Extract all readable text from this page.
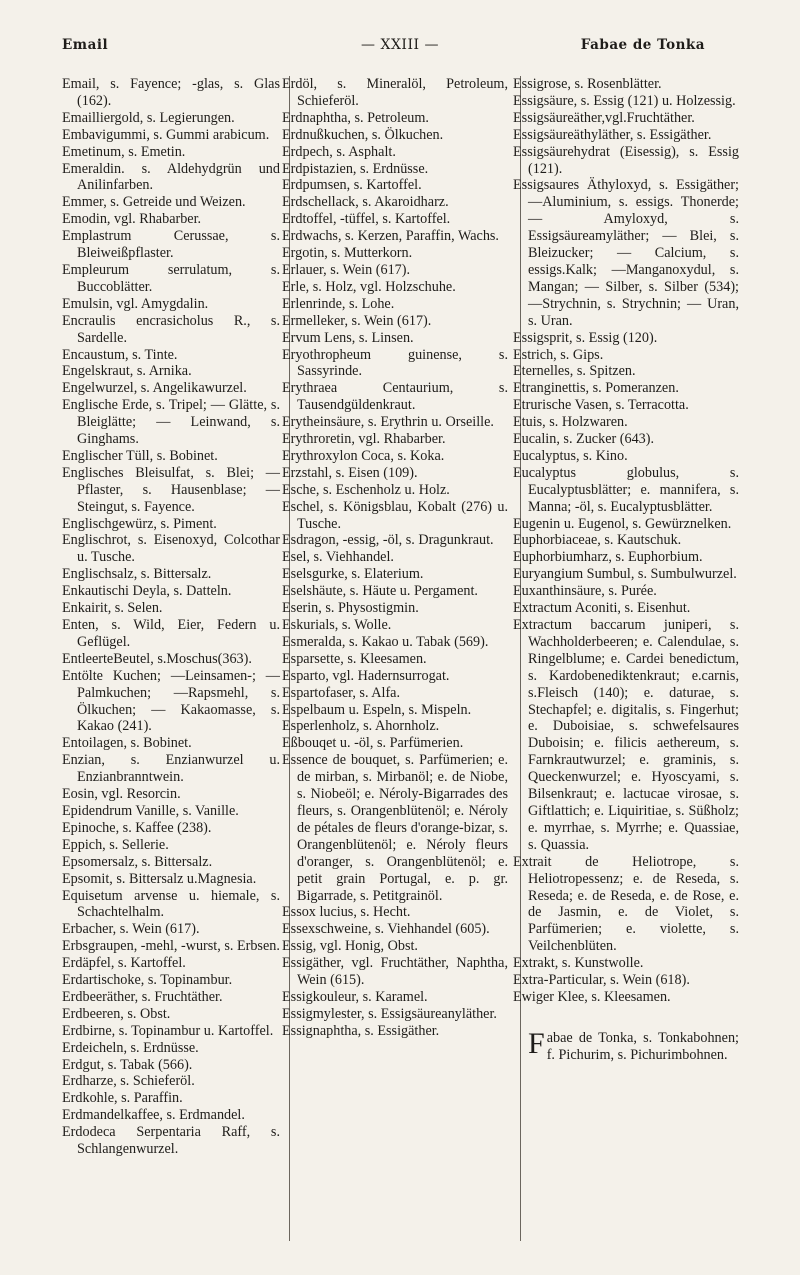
Email	— XXIII —	Fabae de Tonka

Email, s. Fayence; -glas, s. Glas (162).

Emailliergold, s. Legierungen.

Embavigummi, s. Gummi arabicum.

Emetinum, s. Emetin.

Emeraldin. s. Aldehydgrün und Anilinfarben.

Emmer, s. Getreide und Weizen.

Emodin, vgl. Rhabarber.

Emplastrum Cerussae, s. Bleiweißpflaster.

Empleurum serrulatum, s. Buccoblätter.

Emulsin, vgl. Amygdalin.

Encraulis encrasicholus R., s. Sardelle.

Encaustum, s. Tinte.

Engelskraut, s. Arnika.

Engelwurzel, s. Angelikawurzel.

Englische Erde, s. Tripel; — Glätte, s. Bleiglätte; — Leinwand, s. Ginghams.

Englischer Tüll, s. Bobinet.

Englisches Bleisulfat, s. Blei; — Pflaster, s. Hausenblase; — Steingut, s. Fayence.

Englischgewürz, s. Piment.

Englischrot, s. Eisenoxyd, Colcothar u. Tusche.

Englischsalz, s. Bittersalz.

Enkautischi Deyla, s. Datteln.

Enkairit, s. Selen.

Enten, s. Wild, Eier, Federn u. Geflügel.

EntleerteBeutel, s.Moschus(363).

Entölte Kuchen; —Leinsamen-; —Palmkuchen; —Rapsmehl, s. Ölkuchen; — Kakaomasse, s. Kakao (241).

Entoilagen, s. Bobinet.

Enzian, s. Enzianwurzel u. Enzianbranntwein.

Eosin, vgl. Resorcin.

Epidendrum Vanille, s. Vanille.

Epinoche, s. Kaffee (238).

Eppich, s. Sellerie.

Epsomersalz, s. Bittersalz.

Epsomit, s. Bittersalz u.Magnesia.

Equisetum arvense u. hiemale, s. Schachtelhalm.

Erbacher, s. Wein (617).

Erbsgraupen, -mehl, -wurst, s. Erbsen.

Erdäpfel, s. Kartoffel.

Erdartischoke, s. Topinambur.

Erdbeeräther, s. Fruchtäther.

Erdbeeren, s. Obst.

Erdbirne, s. Topinambur u. Kartoffel.

Erdeicheln, s. Erdnüsse.

Erdgut, s. Tabak (566).

Erdharze, s. Schieferöl.

Erdkohle, s. Paraffin.

Erdmandelkaffee, s. Erdmandel.

Erdodeca Serpentaria Raff, s. Schlangenwurzel.

Erdöl, s. Mineralöl, Petroleum, Schieferöl.

Erdnaphtha, s. Petroleum.

Erdnußkuchen, s. Ölkuchen.

Erdpech, s. Asphalt.

Erdpistazien, s. Erdnüsse.

Erdpumsen, s. Kartoffel.

Erdschellack, s. Akaroidharz.

Erdtoffel, -tüffel, s. Kartoffel.

Erdwachs, s. Kerzen, Paraffin, Wachs.

Ergotin, s. Mutterkorn.

Erlauer, s. Wein (617).

Erle, s. Holz, vgl. Holzschuhe.

Erlenrinde, s. Lohe.

Ermelleker, s. Wein (617).

Ervum Lens, s. Linsen.

Eryothropheum guinense, s. Sassyrinde.

Erythraea Centaurium, s. Tausendgüldenkraut.

Erytheinsäure, s. Erythrin u. Orseille.

Erythroretin, vgl. Rhabarber.

Erythroxylon Coca, s. Koka.

Erzstahl, s. Eisen (109).

Esche, s. Eschenholz u. Holz.

Eschel, s. Königsblau, Kobalt (276) u. Tusche.

Esdragon, -essig, -öl, s. Dragunkraut.

Esel, s. Viehhandel.

Eselsgurke, s. Elaterium.

Eselshäute, s. Häute u. Pergament.

Eserin, s. Physostigmin.

Eskurials, s. Wolle.

Esmeralda, s. Kakao u. Tabak (569).

Esparsette, s. Kleesamen.

Esparto, vgl. Hadernsurrogat.

Espartofaser, s. Alfa.

Espelbaum u. Espeln, s. Mispeln.

Esperlenholz, s. Ahornholz.

Eßbouqet u. -öl, s. Parfümerien.

Essence de bouquet, s. Parfümerien; e. de mirban, s. Mirbanöl; e. de Niobe, s. Niobeöl; e. Néroly-Bigarrades des fleurs, s. Orangenblütenöl; e. Néroly de pétales de fleurs d'orange-bizar, s. Orangenblütenöl; e. Néroly fleurs d'oranger, s. Orangenblütenöl; e. petit grain Portugal, e. p. gr. Bigarrade, s. Petitgrainöl.

Essox lucius, s. Hecht.

Essexschweine, s. Viehhandel (605).

Essig, vgl. Honig, Obst.

Essigäther, vgl. Fruchtäther, Naphtha, Wein (615).

Essigkouleur, s. Karamel.

Essigmylester, s. Essigsäureanyläther.

Essignaphtha, s. Essigäther.

Essigrose, s. Rosenblätter.

Essigsäure, s. Essig (121) u. Holzessig.

Essigsäureäther,vgl.Fruchtäther.

Essigsäureäthyläther, s. Essigäther.

Essigsäurehydrat (Eisessig), s. Essig (121).

Essigsaures Äthyloxyd, s. Essigäther; —Aluminium, s. essigs. Thonerde; — Amyloxyd, s. Essigsäureamyläther; — Blei, s. Bleizucker; — Calcium, s. essigs.Kalk; —Manganoxydul, s. Mangan; — Silber, s. Silber (534); —Strychnin, s. Strychnin; — Uran, s. Uran.

Essigsprit, s. Essig (120).

Estrich, s. Gips.

Eternelles, s. Spitzen.

Etranginettis, s. Pomeranzen.

Etrurische Vasen, s. Terracotta.

Etuis, s. Holzwaren.

Eucalin, s. Zucker (643).

Eucalyptus, s. Kino.

Eucalyptus globulus, s. Eucalyptusblätter; e. mannifera, s. Manna; -öl, s. Eucalyptusblätter.

Eugenin u. Eugenol, s. Gewürznelken.

Euphorbiaceae, s. Kautschuk.

Euphorbiumharz, s. Euphorbium.

Euryangium Sumbul, s. Sumbulwurzel.

Euxanthinsäure, s. Purée.

Extractum Aconiti, s. Eisenhut.

Extractum baccarum juniperi, s. Wachholderbeeren; e. Calendulae, s. Ringelblume; e. Cardei benedictum, s. Kardobenediktenkraut; e.carnis, s.Fleisch (140); e. daturae, s. Stechapfel; e. digitalis, s. Fingerhut; e. Duboisiae, s. schwefelsaures Duboisin; e. filicis aethereum, s. Farnkrautwurzel; e. graminis, s. Queckenwurzel; e. Hyoscyami, s. Bilsenkraut; e. lactucae virosae, s. Giftlattich; e. Liquiritiae, s. Süßholz; e. myrrhae, s. Myrrhe; e. Quassiae, s. Quassia.

Extrait de Heliotrope, s. Heliotropessenz; e. de Reseda, s. Reseda; e. de Reseda, e. de Rose, e. de Jasmin, e. de Violet, s. Parfümerien; e. violette, s. Veilchenblüten.

Extrakt, s. Kunstwolle.

Extra-Particular, s. Wein (618).

Ewiger Klee, s. Kleesamen.

Fabae de Tonka, s. Tonkabohnen; f. Pichurim, s. Pichurimbohnen.
